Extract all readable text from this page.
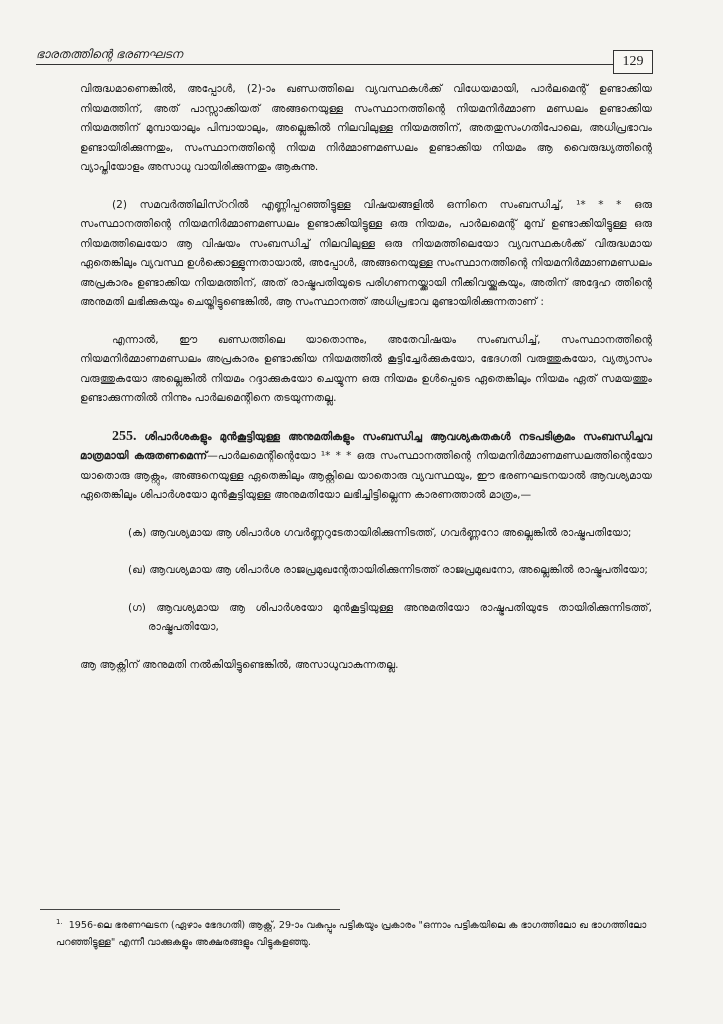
ഭാരതത്തിന്റെ ഭരണഘടന	129

വിരുദ്ധമാണെങ്കിൽ, അപ്പോൾ, (2)-ാം ഖണ്ഡത്തിലെ വ്യവസ്ഥകൾക്ക് വിധേയമായി, പാർലമെന്റ് ഉണ്ടാക്കിയ നിയമത്തിന്, അത് പാസ്സാക്കിയത് അങ്ങനെയുള്ള സംസ്ഥാനത്തിന്റെ നിയമനിർമ്മാണ മണ്ഡലം ഉണ്ടാക്കിയ നിയമത്തിന് മുമ്പായാലും പിമ്പായാലും, അല്ലെങ്കിൽ നിലവിലുള്ള നിയമത്തിന്, അതതുസംഗതിപോലെ, അധിപ്രഭാവം ഉണ്ടായിരിക്കുന്നതും, സംസ്ഥാനത്തിന്റെ നിയമ നിർമ്മാണമണ്ഡലം ഉണ്ടാക്കിയ നിയമം ആ വൈരുദ്ധ്യത്തിന്റെ വ്യാപ്തിയോളം അസാധു വായിരിക്കുന്നതും ആകുന്നു.

(2) സമവർത്തിലിസ്ററിൽ എണ്ണിപ്പറഞ്ഞിട്ടുള്ള വിഷയങ്ങളിൽ ഒന്നിനെ സംബന്ധിച്ച്, ¹* * * ഒരു സംസ്ഥാനത്തിന്റെ നിയമനിർമ്മാണമണ്ഡലം ഉണ്ടാക്കിയിട്ടുള്ള ഒരു നിയമം, പാർലമെന്റ് മുമ്പ് ഉണ്ടാക്കിയിട്ടുള്ള ഒരു നിയമത്തിലെയോ ആ വിഷയം സംബന്ധിച്ച് നിലവിലുള്ള ഒരു നിയമത്തിലെയോ വ്യവസ്ഥകൾക്ക് വിരുദ്ധമായ ഏതെങ്കിലും വ്യവസ്ഥ ഉൾക്കൊള്ളുന്നതായാൽ, അപ്പോൾ, അങ്ങനെയുള്ള സംസ്ഥാനത്തിന്റെ നിയമനിർമ്മാണമണ്ഡലം അപ്രകാരം ഉണ്ടാക്കിയ നിയമത്തിന്, അത് രാഷ്ട്രപതിയുടെ പരിഗണനയ്ക്കായി നീക്കിവയ്ക്കുകയും, അതിന് അദ്ദേഹ ത്തിന്റെ അനുമതി ലഭിക്കുകയും ചെയ്തിട്ടുണ്ടെങ്കിൽ, ആ സംസ്ഥാനത്ത് അധിപ്രഭാവ മുണ്ടായിരിക്കുന്നതാണ് :

എന്നാൽ, ഈ ഖണ്ഡത്തിലെ യാതൊന്നും, അതേവിഷയം സംബന്ധിച്ച്, സംസ്ഥാനത്തിന്റെ നിയമനിർമ്മാണമണ്ഡലം അപ്രകാരം ഉണ്ടാക്കിയ നിയമത്തിൽ കൂട്ടിച്ചേർക്കുകയോ, ഭേദഗതി വരുത്തുകയോ, വ്യത്യാസം വരുത്തുകയോ അല്ലെങ്കിൽ നിയമം റദ്ദാക്കുകയോ ചെയ്യുന്ന ഒരു നിയമം ഉൾപ്പെടെ ഏതെങ്കിലും നിയമം ഏത് സമയത്തും ഉണ്ടാക്കുന്നതിൽ നിന്നും പാർലമെന്റിനെ തടയുന്നതല്ല.

255. ശിപാർശകളും മുൻകൂട്ടിയുള്ള അനുമതികളും സംബന്ധിച്ച ആവശ്യകതകൾ നടപടിക്രമം സംബന്ധിച്ചവ മാത്രമായി കരുതണമെന്ന്—പാർലമെന്റിന്റെയോ ¹* * * ഒരു സംസ്ഥാനത്തിന്റെ നിയമനിർമ്മാണമണ്ഡലത്തിന്റെയോ യാതൊരു ആക്റ്റും, അങ്ങനെയുള്ള ഏതെങ്കിലും ആക്റ്റിലെ യാതൊരു വ്യവസ്ഥയും, ഈ ഭരണഘടനയാൽ ആവശ്യമായ ഏതെങ്കിലും ശിപാർശയോ മുൻകൂട്ടിയുള്ള അനുമതിയോ ലഭിച്ചിട്ടില്ലെന്ന കാരണത്താൽ മാത്രം,—

(ക) ആവശ്യമായ ആ ശിപാർശ ഗവർണ്ണറുടേതായിരിക്കുന്നിടത്ത്, ഗവർണ്ണറോ അല്ലെങ്കിൽ രാഷ്ട്രപതിയോ;

(ഖ) ആവശ്യമായ ആ ശിപാർശ രാജപ്രമുഖന്റേതായിരിക്കുന്നിടത്ത് രാജപ്രമുഖനോ, അല്ലെങ്കിൽ രാഷ്ട്രപതിയോ;

(ഗ) ആവശ്യമായ ആ ശിപാർശയോ മുൻകൂട്ടിയുള്ള അനുമതിയോ രാഷ്ട്രപതിയുടേ തായിരിക്കുന്നിടത്ത്, രാഷ്ട്രപതിയോ,

ആ ആക്റ്റിന് അനുമതി നൽകിയിട്ടുണ്ടെങ്കിൽ, അസാധുവാകുന്നതല്ല.

$^{1.}$ 1956-ലെ ഭരണഘടന (ഏഴാം ഭേദഗതി) ആക്റ്റ്, 29-ാം വകുപ്പും പട്ടികയും പ്രകാരം "ഒന്നാം പട്ടികയിലെ ക ഭാഗത്തിലോ ഖ ഭാഗത്തിലോ പറഞ്ഞിട്ടുള്ള" എന്നീ വാക്കുകളും അക്ഷരങ്ങളും വിട്ടുകളഞ്ഞു.
